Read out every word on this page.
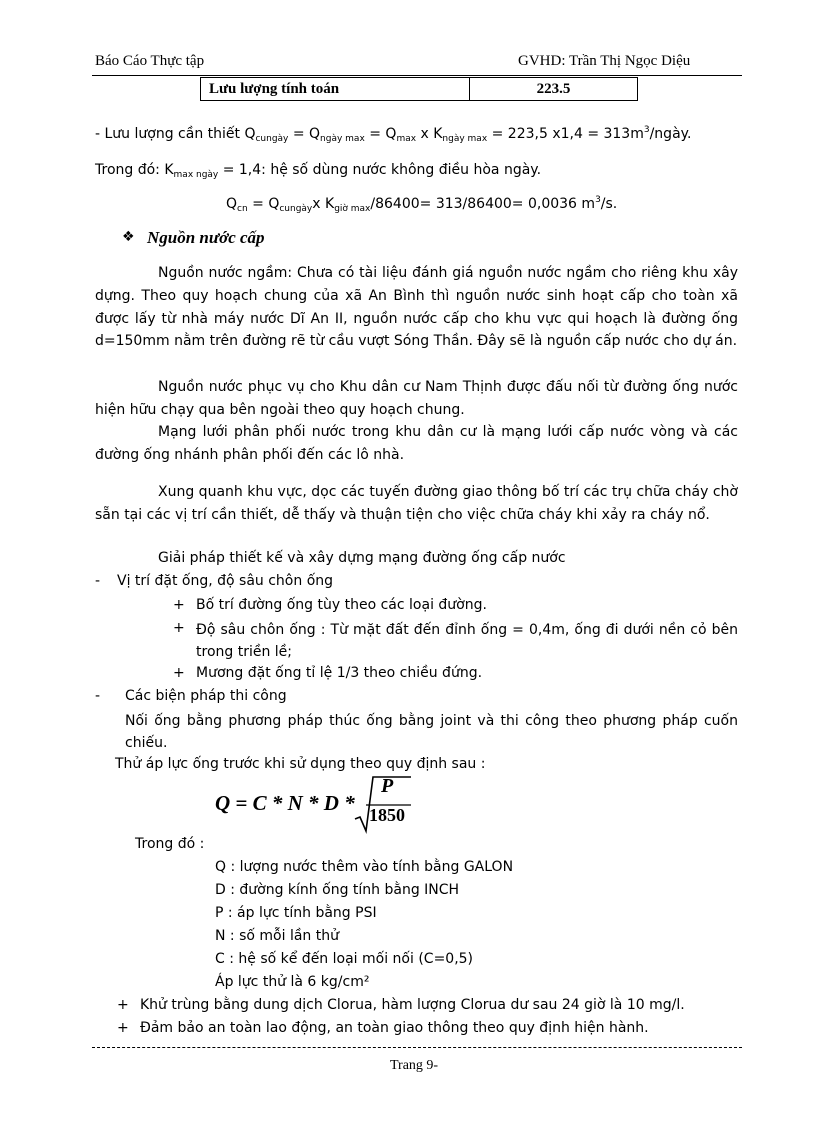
Báo Cáo Thực tập	GVHD: Trần Thị Ngọc Diệu
Lưu lượng tính toán	223.5
- Lưu lượng cần thiết $Q_{cungày} = Q_{ngày max} = Q_{max}$ x $K_{ngày max} = 223,5$ $x1,4 = 313m^3$/ngày.
Trong đó: $K_{max ngày} = 1,4$: hệ số dùng nước không điều hòa ngày.
$Q_{cn} = Q_{cungày}x$ $K_{giờ max}/86400= 313/86400= 0,0036$ $m^3/s$.
❖ Nguồn nước cấp
Nguồn nước ngầm: Chưa có tài liệu đánh giá nguồn nước ngầm cho riêng khu xây dựng. Theo quy hoạch chung của xã An Bình thì nguồn nước sinh hoạt cấp cho toàn xã được lấy từ nhà máy nước Dĩ An II, nguồn nước cấp cho khu vực qui hoạch là đường ống d=150mm nằm trên đường rẽ từ cầu vượt Sóng Thần. Đây sẽ là nguồn cấp nước cho dự án.
Nguồn nước phục vụ cho Khu dân cư Nam Thịnh được đấu nối từ đường ống nước hiện hữu chạy qua bên ngoài theo quy hoạch chung.
Mạng lưới phân phối nước trong khu dân cư là mạng lưới cấp nước vòng và các đường ống nhánh phân phối đến các lô nhà.
Xung quanh khu vực, dọc các tuyến đường giao thông bố trí các trụ chữa cháy chờ sẵn tại các vị trí cần thiết, dễ thấy và thuận tiện cho việc chữa cháy khi xảy ra cháy nổ.
Giải pháp thiết kế và xây dựng mạng đường ống cấp nước
- Vị trí đặt ống, độ sâu chôn ống
+ Bố trí đường ống tùy theo các loại đường.
+ Độ sâu chôn ống : Từ mặt đất đến đỉnh ống = 0,4m, ống đi dưới nền cỏ bên trong triền lề;
+ Mương đặt ống tỉ lệ 1/3 theo chiều đứng.
- Các biện pháp thi công
Nối ống bằng phương pháp thúc ống bằng joint và thi công theo phương pháp cuốn chiếu.
Thử áp lực ống trước khi sử dụng theo quy định sau :
Q = C * N * D *
P
1850
Trong đó :
Q : lượng nước thêm vào tính bằng GALON
D : đường kính ống tính bằng INCH
P : áp lực tính bằng PSI
N : số mỗi lần thử
C : hệ số kể đến loại mối nối (C=0,5)
Áp lực thử là 6 kg/cm²
+ Khử trùng bằng dung dịch Clorua, hàm lượng Clorua dư sau 24 giờ là 10 mg/l.
+ Đảm bảo an toàn lao động, an toàn giao thông theo quy định hiện hành.
Trang 9-
